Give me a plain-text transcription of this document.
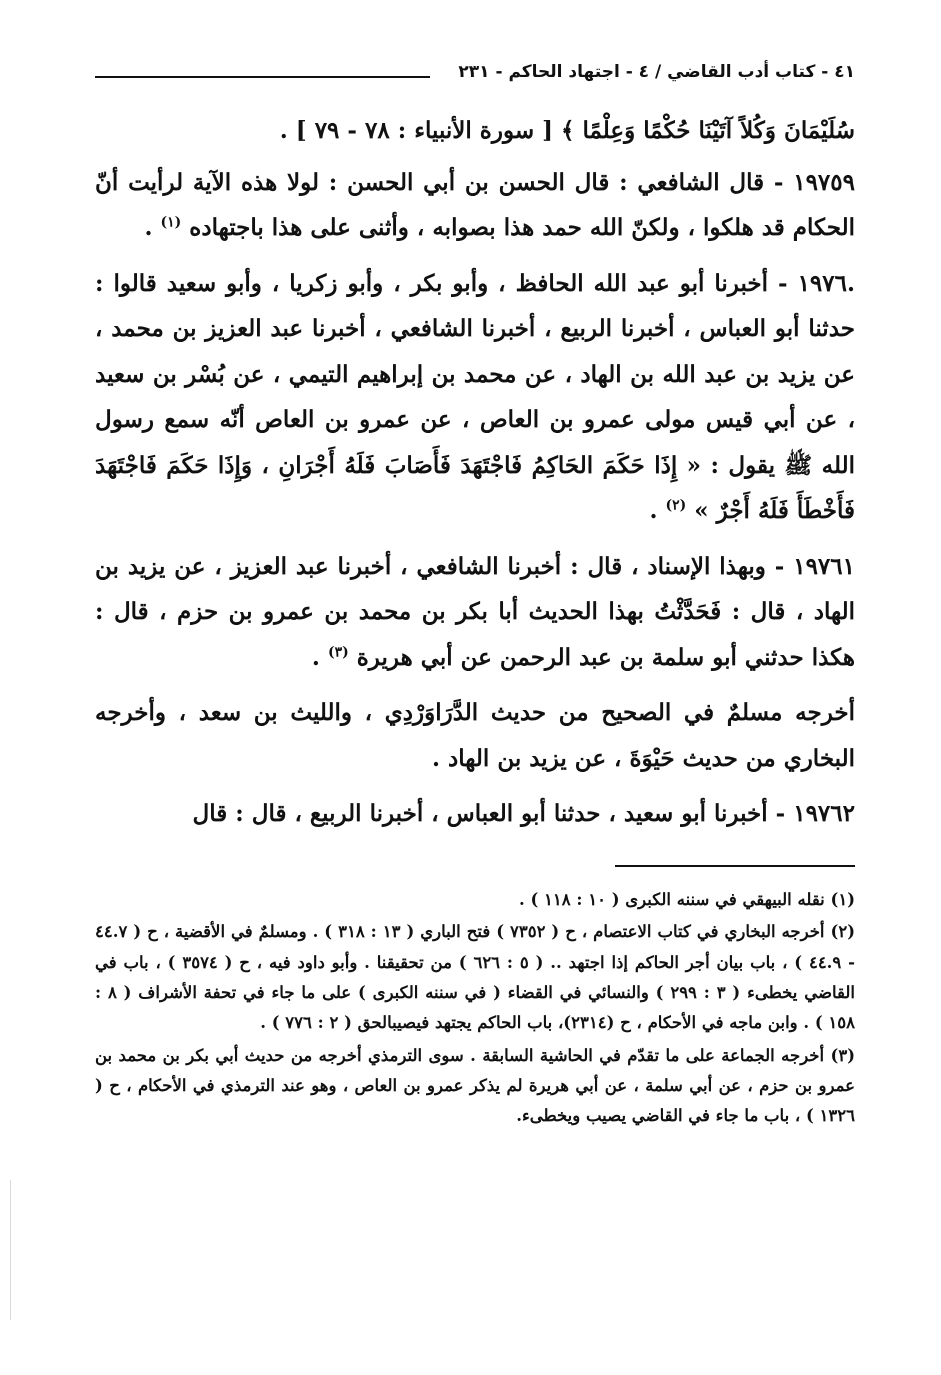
٤١ - كتاب أدب القاضي / ٤ - اجتهاد الحاكم - ٢٣١

سُلَيْمَانَ وَكُلاً آتَيْنَا حُكْمًا وَعِلْمًا ﴾ [ سورة الأنبياء : ٧٨ - ٧٩ ] .

١٩٧٥٩ - قال الشافعي : قال الحسن بن أبي الحسن : لولا هذه الآية لرأيت أنّ الحكام قد هلكوا ، ولكنّ الله حمد هذا بصوابه ، وأثنى على هذا باجتهاده $^{(١)}$ .

.١٩٧٦ - أخبرنا أبو عبد الله الحافظ ، وأبو بكر ، وأبو زكريا ، وأبو سعيد قالوا : حدثنا أبو العباس ، أخبرنا الربيع ، أخبرنا الشافعي ، أخبرنا عبد العزيز بن محمد ، عن يزيد بن عبد الله بن الهاد ، عن محمد بن إبراهيم التيمي ، عن بُسْر بن سعيد ، عن أبي قيس مولى عمرو بن العاص ، عن عمرو بن العاص أنّه سمع رسول الله ﷺ يقول : « إِذَا حَكَمَ الحَاكِمُ فَاجْتَهَدَ فَأَصَابَ فَلَهُ أَجْرَانِ ، وَإِذَا حَكَمَ فَاجْتَهَدَ فَأَخْطَأَ فَلَهُ أَجْرٌ » $^{(٢)}$ .

١٩٧٦١ - وبهذا الإسناد ، قال : أخبرنا الشافعي ، أخبرنا عبد العزيز ، عن يزيد بن الهاد ، قال : فَحَدَّثْتُ بهذا الحديث أبا بكر بن محمد بن عمرو بن حزم ، قال : هكذا حدثني أبو سلمة بن عبد الرحمن عن أبي هريرة $^{(٣)}$ .

أخرجه مسلمٌ في الصحيح من حديث الدَّرَاوَرْدِي ، والليث بن سعد ، وأخرجه البخاري من حديث حَيْوَةَ ، عن يزيد بن الهاد .

١٩٧٦٢ - أخبرنا أبو سعيد ، حدثنا أبو العباس ، أخبرنا الربيع ، قال : قال

(١) نقله البيهقي في سننه الكبرى ( ١٠ : ١١٨ ) .

(٢) أخرجه البخاري في كتاب الاعتصام ، ح ( ٧٣٥٢ ) فتح الباري ( ١٣ : ٣١٨ ) . ومسلمٌ في الأقضية ، ح ( ٤٤.٧ - ٤٤.٩ ) ، باب بيان أجر الحاكم إذا اجتهد .. ( ٥ : ٦٢٦ ) من تحقيقنا . وأبو داود فيه ، ح ( ٣٥٧٤ ) ، باب في القاضي يخطىء ( ٣ : ٢٩٩ ) والنسائي في القضاء ( في سننه الكبرى ) على ما جاء في تحفة الأشراف ( ٨ : ١٥٨ ) . وابن ماجه في الأحكام ، ح (٢٣١٤)، باب الحاكم يجتهد فيصيبالحق ( ٢ : ٧٧٦ ) .

(٣) أخرجه الجماعة على ما تقدّم في الحاشية السابقة . سوى الترمذي أخرجه من حديث أبي بكر بن محمد بن عمرو بن حزم ، عن أبي سلمة ، عن أبي هريرة لم يذكر عمرو بن العاص ، وهو عند الترمذي في الأحكام ، ح ( ١٣٢٦ ) ، باب ما جاء في القاضي يصيب ويخطىء.
